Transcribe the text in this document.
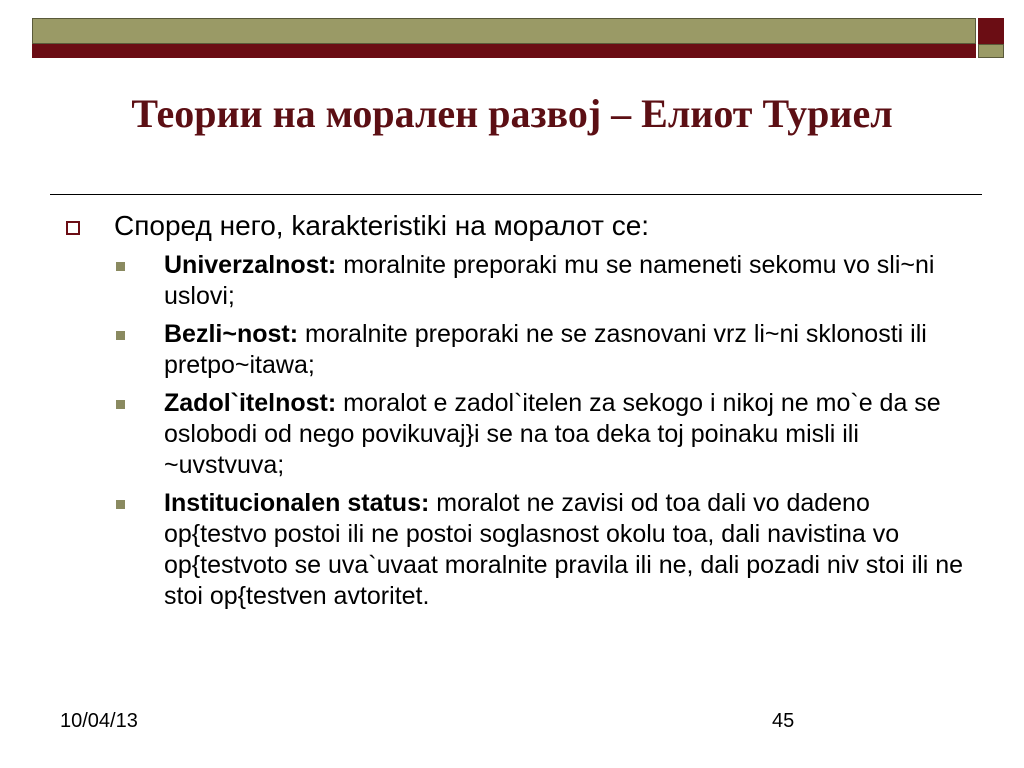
Теории на морален развој – Елиот Туриел
Според него, karakteristiki на моралот се:
Univerzalnost: moralnite preporaki mu se nameneti sekomu vo sli~ni uslovi;
Bezli~nost: moralnite preporaki ne se zasnovani vrz li~ni sklonosti ili pretpo~itawa;
Zadol`itelnost: moralot e zadol`itelen za sekogo i nikoj ne mo`e da se oslobodi od nego povikuvaj}i se na toa deka toj poinaku misli ili ~uvstvuva;
Institucionalen status: moralot ne zavisi od toa dali vo dadeno op{testvo postoi ili ne postoi soglasnost okolu toa, dali navistina vo op{testvoto se uva`uvaat moralnite pravila ili ne, dali pozadi niv stoi ili ne stoi op{testven avtoritet.
10/04/13	45
